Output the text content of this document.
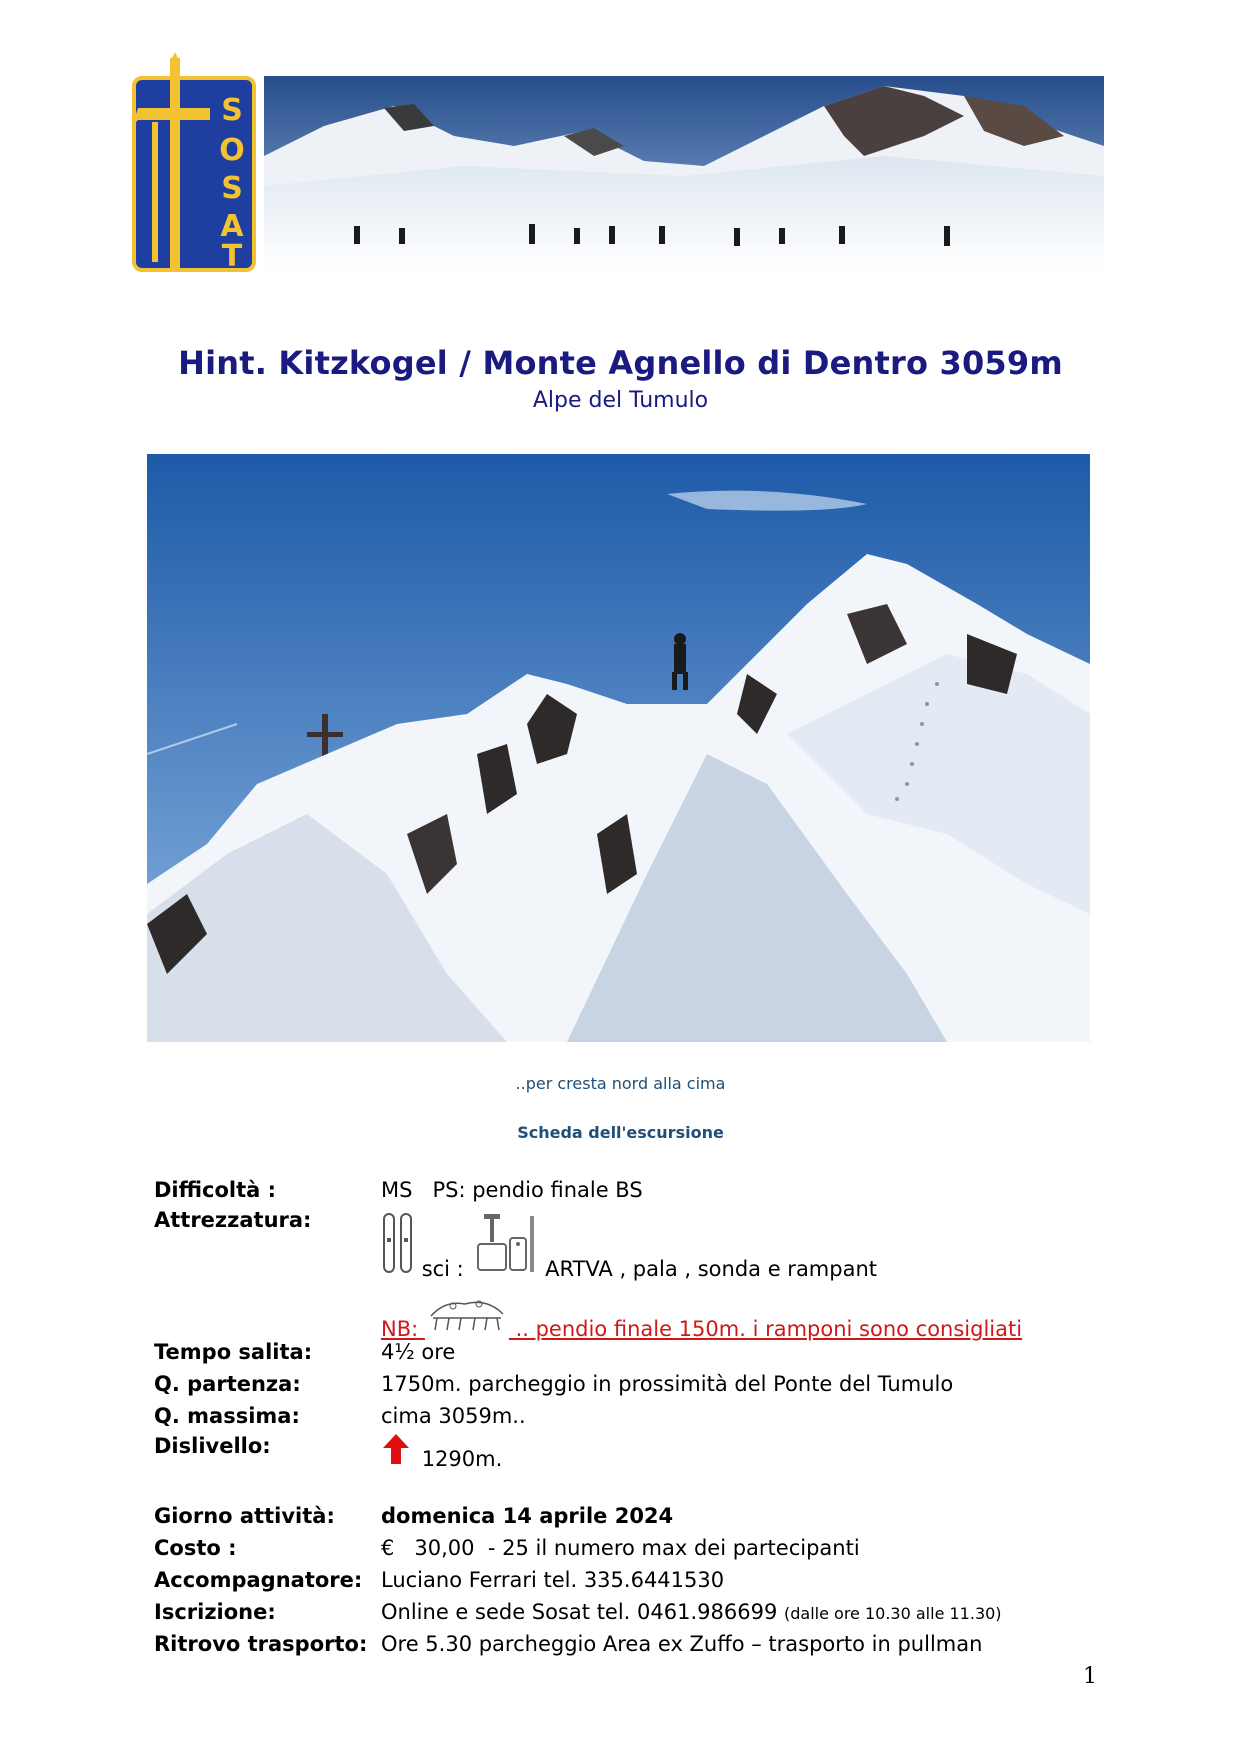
S
O
S
A
T
Hint. Kitzkogel / Monte Agnello di Dentro 3059m
Alpe del Tumulo
..per cresta nord alla cima
Scheda dell'escursione
Difficoltà :	MS   PS: pendio finale BS
Attrezzatura:
sci :	ARTVA , pala , sonda e rampant
NB:	.. pendio finale 150m. i ramponi sono consigliati
Tempo salita:	4½ ore
Q. partenza:	1750m. parcheggio in prossimità del Ponte del Tumulo
Q. massima:	cima 3059m..
Dislivello:
1290m.
Giorno attività: domenica 14 aprile 2024
Costo :	€   30,00  - 25 il numero max dei partecipanti
Accompagnatore: Luciano Ferrari tel. 335.6441530
Iscrizione:	Online e sede Sosat tel. 0461.986699 (dalle ore 10.30 alle 11.30)
Ritrovo trasporto: Ore 5.30 parcheggio Area ex Zuffo – trasporto in pullman
1
